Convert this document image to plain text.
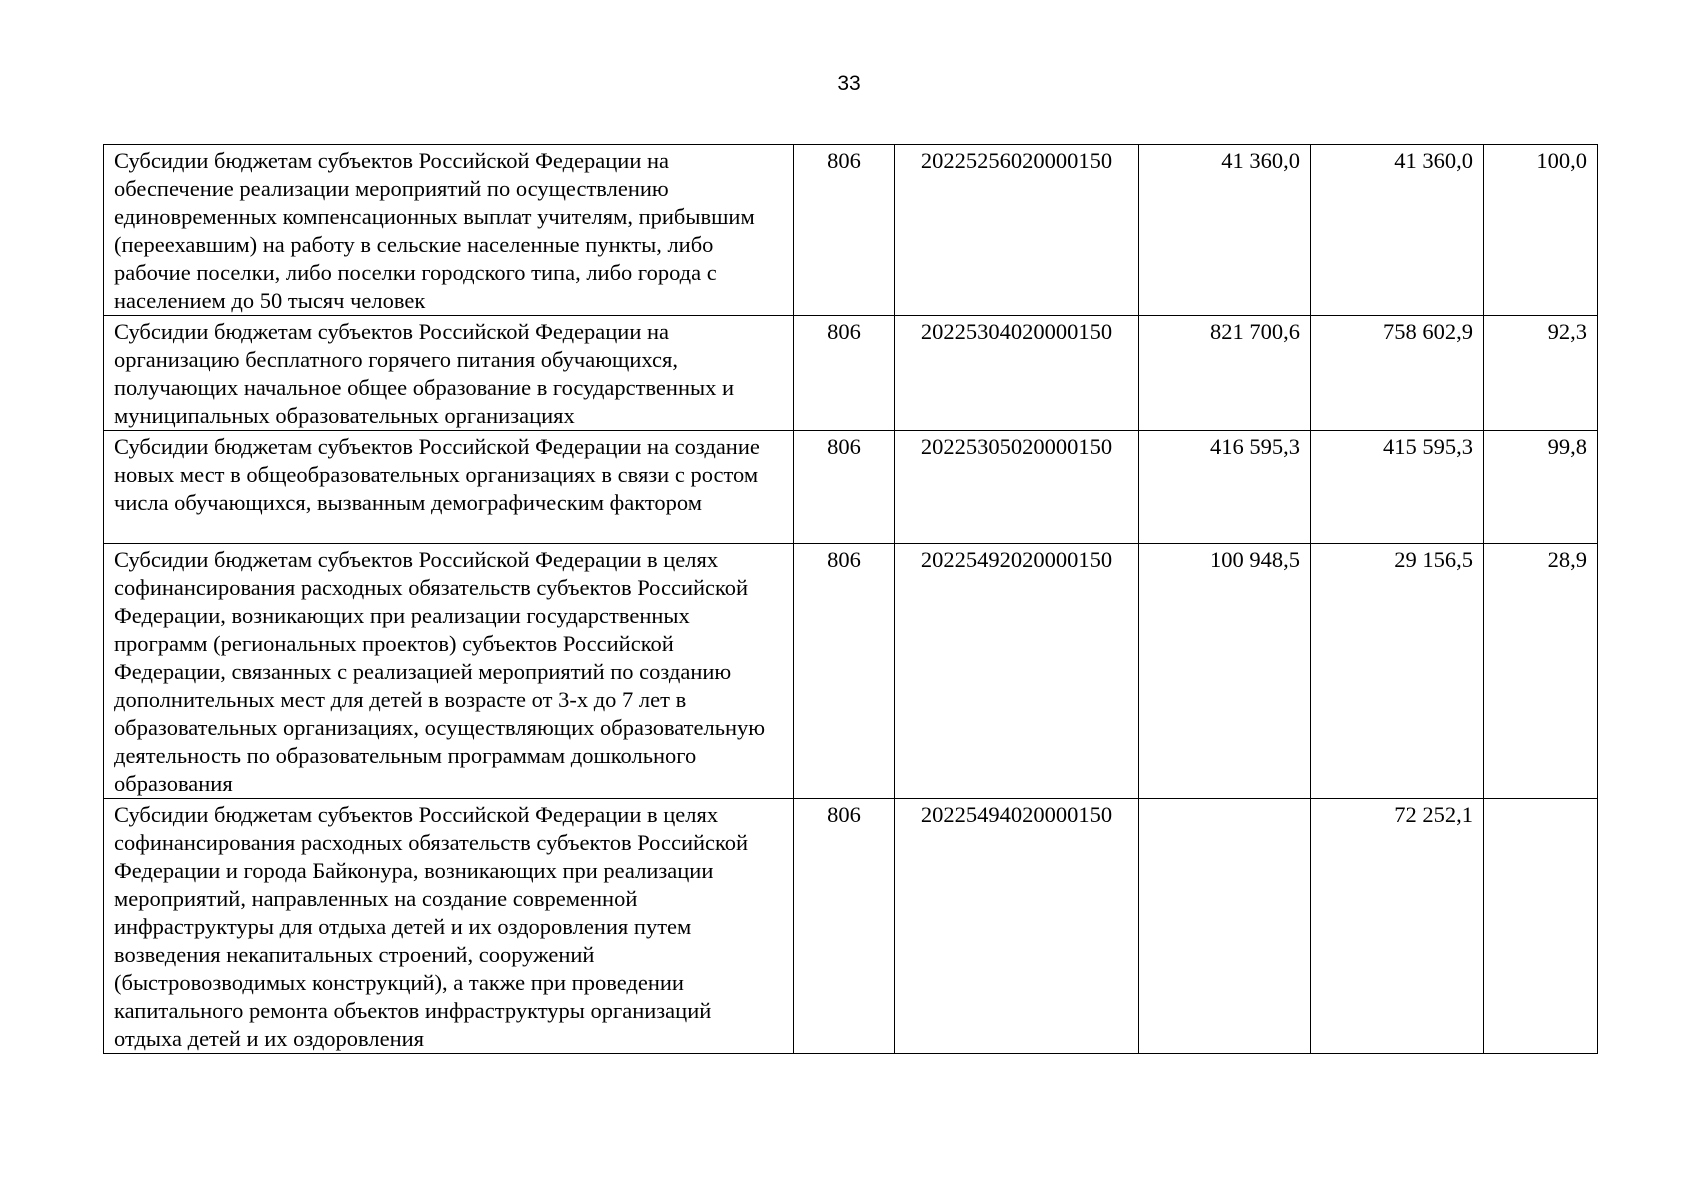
33
Субсидии бюджетам субъектов Российской Федерации на обеспечение реализации мероприятий по осуществлению единовременных компенсационных выплат учителям, прибывшим (переехавшим) на работу в сельские населенные пункты, либо рабочие поселки, либо поселки городского типа, либо города с населением до 50 тысяч человек	806	20225256020000150	41 360,0	41 360,0	100,0
Субсидии бюджетам субъектов Российской Федерации на организацию бесплатного горячего питания обучающихся, получающих начальное общее образование в государственных и муниципальных образовательных организациях	806	20225304020000150	821 700,6	758 602,9	92,3
Субсидии бюджетам субъектов Российской Федерации на создание новых мест в общеобразовательных организациях в связи с ростом числа обучающихся, вызванным демографическим фактором	806	20225305020000150	416 595,3	415 595,3	99,8
Субсидии бюджетам субъектов Российской Федерации в целях софинансирования расходных обязательств субъектов Российской Федерации, возникающих при реализации государственных программ (региональных проектов) субъектов Российской Федерации, связанных с реализацией мероприятий по созданию дополнительных мест для детей в возрасте от 3-х до 7 лет в образовательных организациях, осуществляющих образовательную деятельность по образовательным программам дошкольного образования	806	20225492020000150	100 948,5	29 156,5	28,9
Субсидии бюджетам субъектов Российской Федерации в целях софинансирования расходных обязательств субъектов Российской Федерации и города Байконура, возникающих при реализации мероприятий, направленных на создание современной инфраструктуры для отдыха детей и их оздоровления путем возведения некапитальных строений, сооружений (быстровозводимых конструкций), а также при проведении капитального ремонта объектов инфраструктуры организаций отдыха детей и их оздоровления	806	20225494020000150		72 252,1	
